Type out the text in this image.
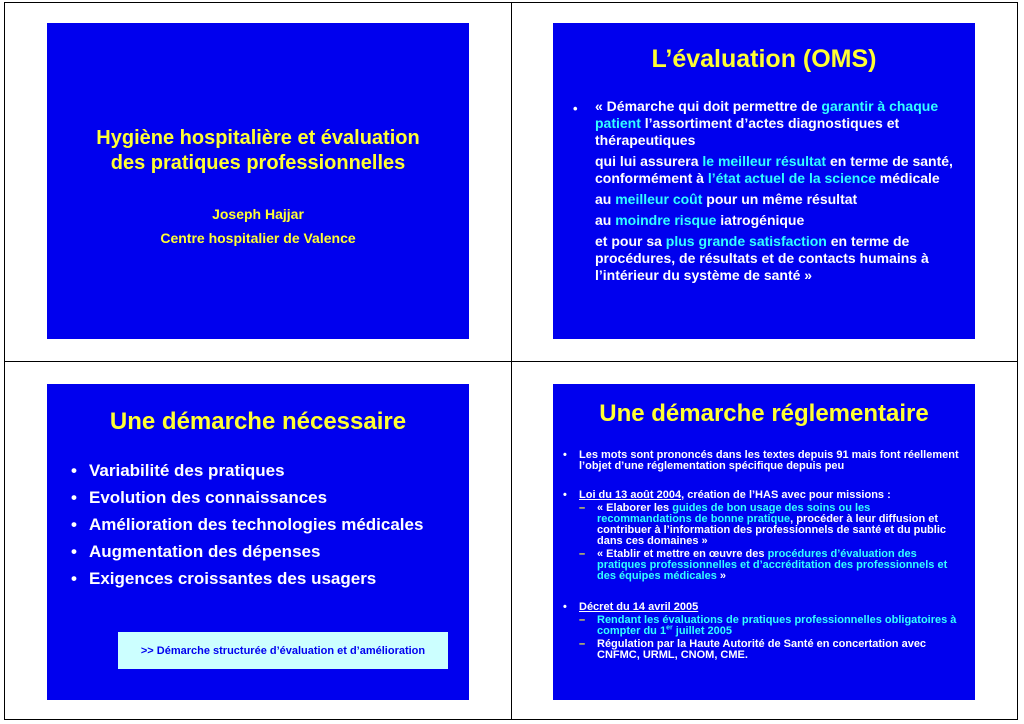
Hygiène hospitalière et évaluation
des pratiques professionnelles
Joseph Hajjar
Centre hospitalier de Valence
L’évaluation (OMS)
• « Démarche qui doit permettre de garantir à chaque patient l’assortiment d’actes diagnostiques et thérapeutiques

qui lui assurera le meilleur résultat en terme de santé, conformément à l’état actuel de la science médicale

au meilleur coût pour un même résultat

au moindre risque iatrogénique

et pour sa plus grande satisfaction en terme de procédures, de résultats et de contacts humains à l’intérieur du système de santé »

Une démarche nécessaire
• Variabilité des pratiques
• Evolution des connaissances
• Amélioration des technologies médicales
• Augmentation des dépenses
• Exigences croissantes des usagers
>> Démarche structurée d’évaluation et d’amélioration
Une démarche réglementaire
• Les mots sont prononcés dans les textes depuis 91 mais font réellement l’objet d’une réglementation spécifique depuis peu
• Loi du 13 août 2004, création de l’HAS avec pour missions :
– « Elaborer les guides de bon usage des soins ou les recommandations de bonne pratique, procéder à leur diffusion et contribuer à l’information des professionnels de santé et du public dans ces domaines »
– « Etablir et mettre en œuvre des procédures d’évaluation des pratiques professionnelles et d’accréditation des professionnels et des équipes médicales »
• Décret du 14 avril 2005
– Rendant les évaluations de pratiques professionnelles obligatoires à compter du 1er juillet 2005
– Régulation par la Haute Autorité de Santé en concertation avec CNFMC, URML, CNOM, CME.
